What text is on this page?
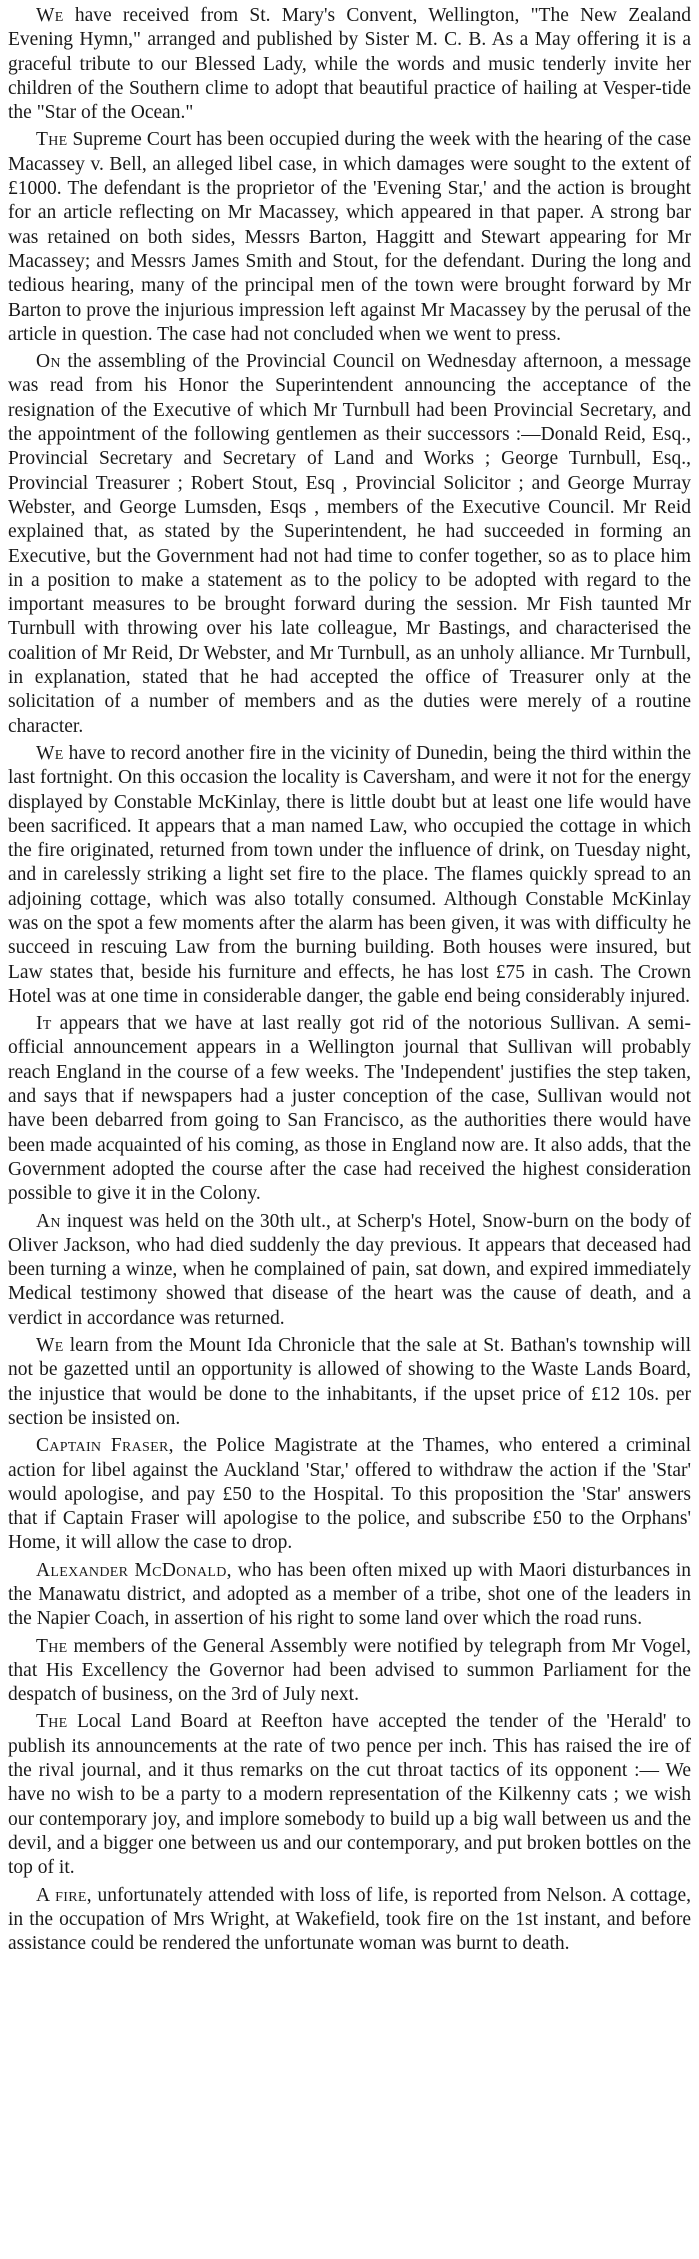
We have received from St. Mary's Convent, Wellington, "The New Zealand Evening Hymn," arranged and published by Sister M. C. B. As a May offering it is a graceful tribute to our Blessed Lady, while the words and music tenderly invite her children of the Southern clime to adopt that beautiful practice of hailing at Vesper-tide the "Star of the Ocean."

The Supreme Court has been occupied during the week with the hearing of the case Macassey v. Bell, an alleged libel case, in which damages were sought to the extent of £1000. The defendant is the proprietor of the 'Evening Star,' and the action is brought for an article reflecting on Mr Macassey, which appeared in that paper. A strong bar was retained on both sides, Messrs Barton, Haggitt and Stewart appearing for Mr Macassey; and Messrs James Smith and Stout, for the defendant. During the long and tedious hearing, many of the principal men of the town were brought forward by Mr Barton to prove the injurious impression left against Mr Macassey by the perusal of the article in question. The case had not concluded when we went to press.

On the assembling of the Provincial Council on Wednesday afternoon, a message was read from his Honor the Superintendent announcing the acceptance of the resignation of the Executive of which Mr Turnbull had been Provincial Secretary, and the appointment of the following gentlemen as their successors :—Donald Reid, Esq., Provincial Secretary and Secretary of Land and Works ; George Turnbull, Esq., Provincial Treasurer ; Robert Stout, Esq , Provincial Solicitor ; and George Murray Webster, and George Lumsden, Esqs , members of the Executive Council. Mr Reid explained that, as stated by the Superintendent, he had succeeded in forming an Executive, but the Government had not had time to confer together, so as to place him in a position to make a statement as to the policy to be adopted with regard to the important measures to be brought forward during the session. Mr Fish taunted Mr Turnbull with throwing over his late colleague, Mr Bastings, and characterised the coalition of Mr Reid, Dr Webster, and Mr Turnbull, as an unholy alliance. Mr Turnbull, in explanation, stated that he had accepted the office of Treasurer only at the solicitation of a number of members and as the duties were merely of a routine character.

We have to record another fire in the vicinity of Dunedin, being the third within the last fortnight. On this occasion the locality is Caversham, and were it not for the energy displayed by Constable McKinlay, there is little doubt but at least one life would have been sacrificed. It appears that a man named Law, who occupied the cottage in which the fire originated, returned from town under the influence of drink, on Tuesday night, and in carelessly striking a light set fire to the place. The flames quickly spread to an adjoining cottage, which was also totally consumed. Although Constable McKinlay was on the spot a few moments after the alarm has been given, it was with difficulty he succeed in rescuing Law from the burning building. Both houses were insured, but Law states that, beside his furniture and effects, he has lost £75 in cash. The Crown Hotel was at one time in considerable danger, the gable end being considerably injured.

It appears that we have at last really got rid of the notorious Sullivan. A semi-official announcement appears in a Wellington journal that Sullivan will probably reach England in the course of a few weeks. The 'Independent' justifies the step taken, and says that if newspapers had a juster conception of the case, Sullivan would not have been debarred from going to San Francisco, as the authorities there would have been made acquainted of his coming, as those in England now are. It also adds, that the Government adopted the course after the case had received the highest consideration possible to give it in the Colony.

An inquest was held on the 30th ult., at Scherp's Hotel, Snow-burn on the body of Oliver Jackson, who had died suddenly the day previous. It appears that deceased had been turning a winze, when he complained of pain, sat down, and expired immediately Medical testimony showed that disease of the heart was the cause of death, and a verdict in accordance was returned.

We learn from the Mount Ida Chronicle that the sale at St. Bathan's township will not be gazetted until an opportunity is allowed of showing to the Waste Lands Board, the injustice that would be done to the inhabitants, if the upset price of £12 10s. per section be insisted on.

Captain Fraser, the Police Magistrate at the Thames, who entered a criminal action for libel against the Auckland 'Star,' offered to withdraw the action if the 'Star' would apologise, and pay £50 to the Hospital. To this proposition the 'Star' answers that if Captain Fraser will apologise to the police, and subscribe £50 to the Orphans' Home, it will allow the case to drop.

Alexander McDonald, who has been often mixed up with Maori disturbances in the Manawatu district, and adopted as a member of a tribe, shot one of the leaders in the Napier Coach, in assertion of his right to some land over which the road runs.

The members of the General Assembly were notified by telegraph from Mr Vogel, that His Excellency the Governor had been advised to summon Parliament for the despatch of business, on the 3rd of July next.

The Local Land Board at Reefton have accepted the tender of the 'Herald' to publish its announcements at the rate of two pence per inch. This has raised the ire of the rival journal, and it thus remarks on the cut throat tactics of its opponent :— We have no wish to be a party to a modern representation of the Kilkenny cats ; we wish our contemporary joy, and implore somebody to build up a big wall between us and the devil, and a bigger one between us and our contemporary, and put broken bottles on the top of it.

A fire, unfortunately attended with loss of life, is reported from Nelson. A cottage, in the occupation of Mrs Wright, at Wakefield, took fire on the 1st instant, and before assistance could be rendered the unfortunate woman was burnt to death.
